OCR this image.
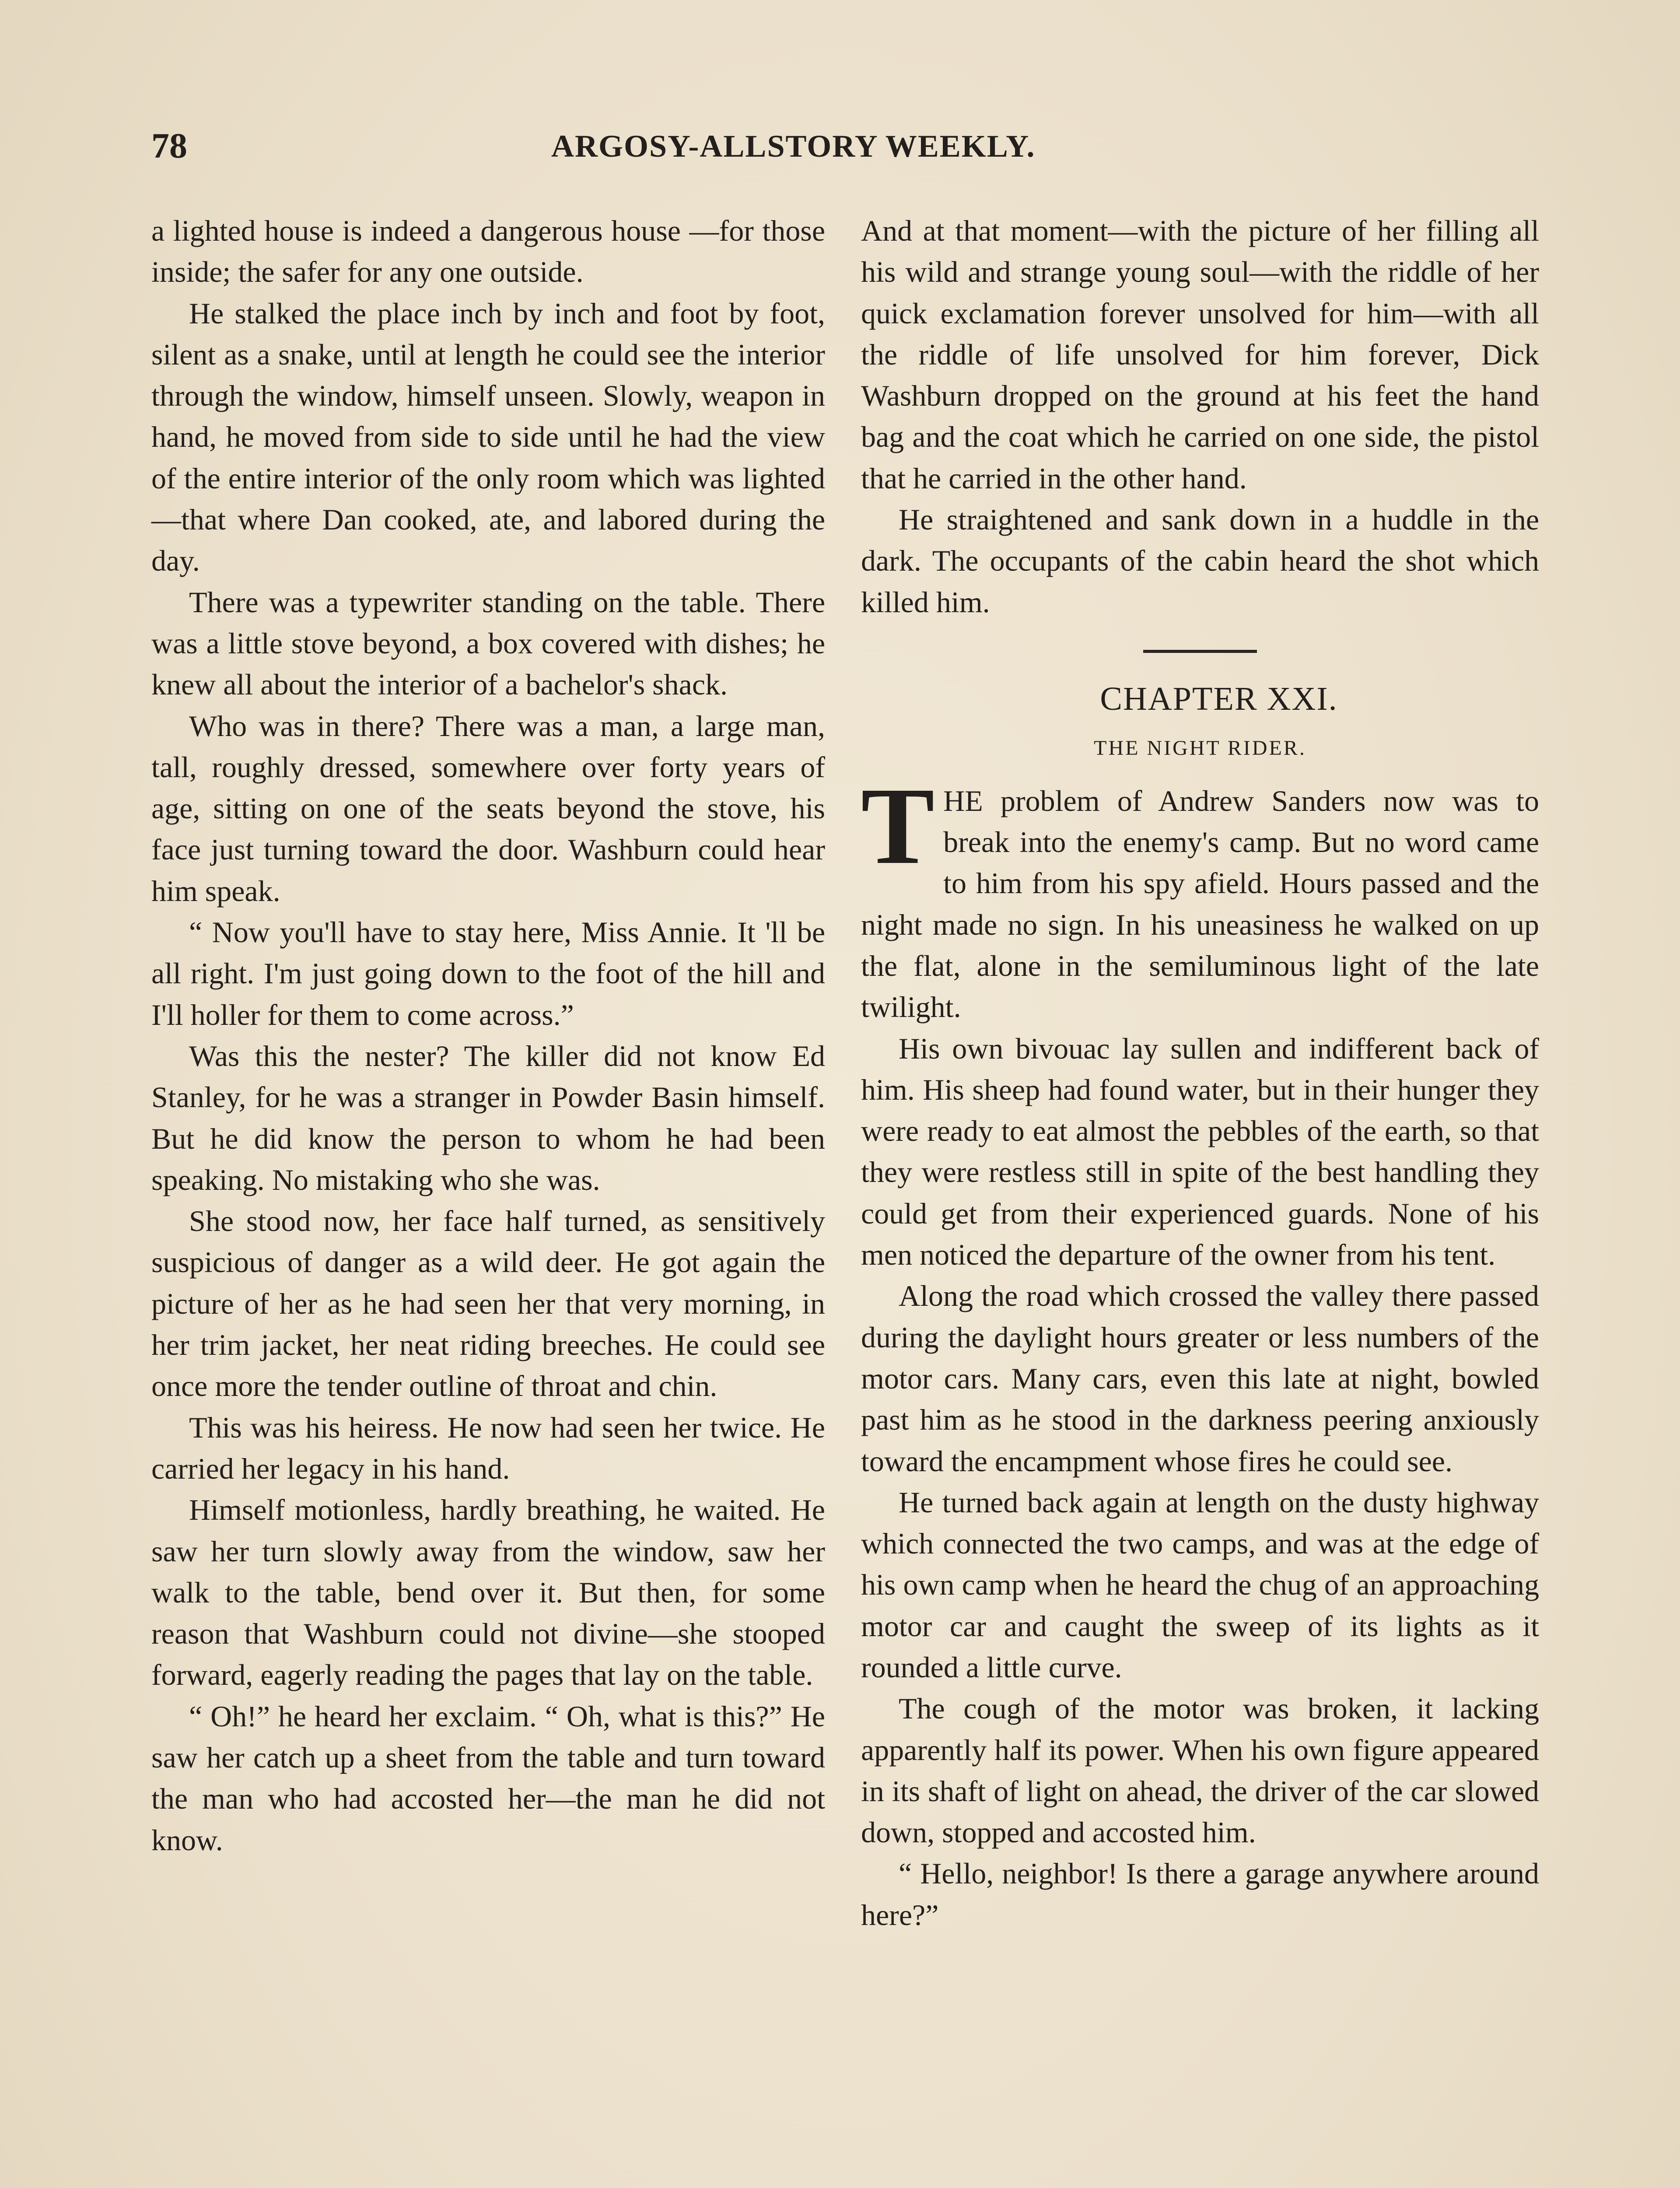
78	ARGOSY-ALLSTORY WEEKLY.

a lighted house is indeed a dangerous house —for those inside; the safer for any one outside.

He stalked the place inch by inch and foot by foot, silent as a snake, until at length he could see the interior through the window, himself unseen. Slowly, weapon in hand, he moved from side to side until he had the view of the entire interior of the only room which was lighted—that where Dan cooked, ate, and labored during the day.

There was a typewriter standing on the table. There was a little stove beyond, a box covered with dishes; he knew all about the interior of a bachelor's shack.

Who was in there? There was a man, a large man, tall, roughly dressed, somewhere over forty years of age, sitting on one of the seats beyond the stove, his face just turning toward the door. Washburn could hear him speak.

“ Now you'll have to stay here, Miss Annie. It 'll be all right. I'm just going down to the foot of the hill and I'll holler for them to come across.”

Was this the nester? The killer did not know Ed Stanley, for he was a stranger in Powder Basin himself. But he did know the person to whom he had been speaking. No mistaking who she was.

She stood now, her face half turned, as sensitively suspicious of danger as a wild deer. He got again the picture of her as he had seen her that very morning, in her trim jacket, her neat riding breeches. He could see once more the tender outline of throat and chin.

This was his heiress. He now had seen her twice. He carried her legacy in his hand.

Himself motionless, hardly breathing, he waited. He saw her turn slowly away from the window, saw her walk to the table, bend over it. But then, for some reason that Washburn could not divine—she stooped forward, eagerly reading the pages that lay on the table.

“ Oh!” he heard her exclaim. “ Oh, what is this?” He saw her catch up a sheet from the table and turn toward the man who had accosted her—the man he did not know.

And at that moment—with the picture of her filling all his wild and strange young soul—with the riddle of her quick exclamation forever unsolved for him—with all the riddle of life unsolved for him forever, Dick Washburn dropped on the ground at his feet the hand bag and the coat which he carried on one side, the pistol that he carried in the other hand.

He straightened and sank down in a huddle in the dark. The occupants of the cabin heard the shot which killed him.

CHAPTER XXI.

THE NIGHT RIDER.

THE problem of Andrew Sanders now was to break into the enemy's camp. But no word came to him from his spy afield. Hours passed and the night made no sign. In his uneasiness he walked on up the flat, alone in the semiluminous light of the late twilight.

His own bivouac lay sullen and indifferent back of him. His sheep had found water, but in their hunger they were ready to eat almost the pebbles of the earth, so that they were restless still in spite of the best handling they could get from their experienced guards. None of his men noticed the departure of the owner from his tent.

Along the road which crossed the valley there passed during the daylight hours greater or less numbers of the motor cars. Many cars, even this late at night, bowled past him as he stood in the darkness peering anxiously toward the encampment whose fires he could see.

He turned back again at length on the dusty highway which connected the two camps, and was at the edge of his own camp when he heard the chug of an approaching motor car and caught the sweep of its lights as it rounded a little curve.

The cough of the motor was broken, it lacking apparently half its power. When his own figure appeared in its shaft of light on ahead, the driver of the car slowed down, stopped and accosted him.

“ Hello, neighbor! Is there a garage anywhere around here?”
